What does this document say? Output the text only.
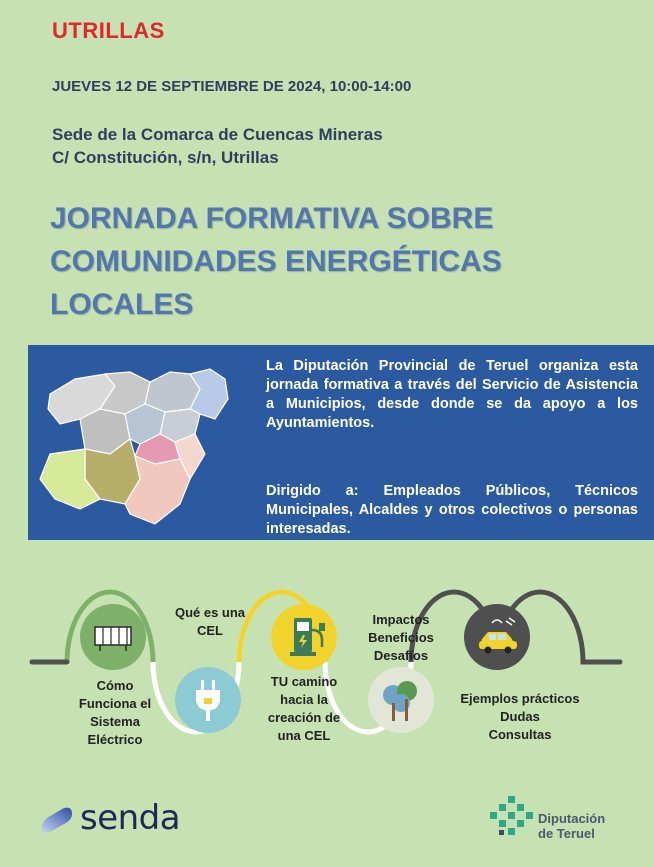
UTRILLAS
JUEVES 12 DE SEPTIEMBRE DE 2024, 10:00-14:00
Sede de la Comarca de Cuencas Mineras
C/ Constitución, s/n, Utrillas
JORNADA FORMATIVA SOBRE
COMUNIDADES ENERGÉTICAS
LOCALES
La Diputación Provincial de Teruel organiza esta jornada formativa a través del Servicio de Asistencia a Municipios, desde donde se da apoyo a los Ayuntamientos.
Dirigido a: Empleados Públicos, Técnicos Municipales, Alcaldes y otros colectivos o personas interesadas.
Cómo
Funciona el
Sistema
Eléctrico
Qué es una
CEL
TU camino
hacia la
creación de
una CEL
Impactos
Beneficios
Desafíos
Ejemplos prácticos
Dudas
Consultas
senda	Diputación
de Teruel
